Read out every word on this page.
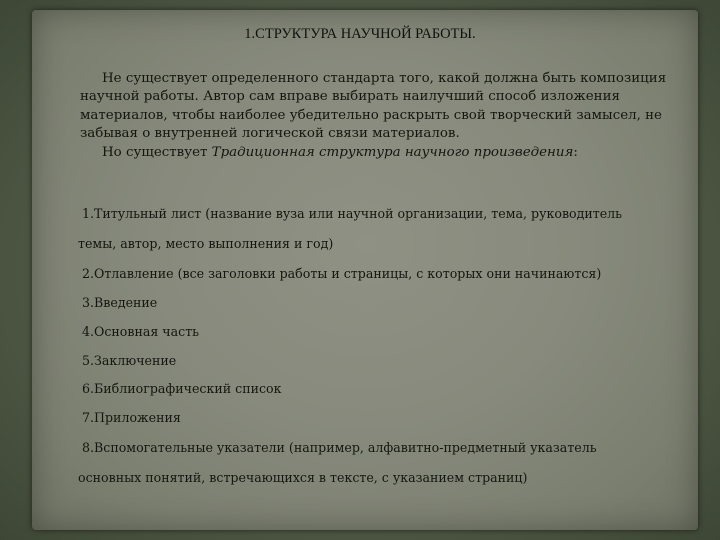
1.СТРУКТУРА НАУЧНОЙ РАБОТЫ.

Не существует определенного стандарта того, какой должна быть композиция научной работы. Автор сам вправе выбирать наилучший способ изложения материалов, чтобы наиболее убедительно раскрыть свой творческий замысел, не забывая о внутренней логической связи материалов.

Но существует Традиционная структура научного произведения:

1.Титульный лист (название вуза или научной организации, тема, руководитель
темы, автор, место выполнения и год)
2.Отлавление (все заголовки работы и страницы, с которых они начинаются)
3.Введение
4.Основная часть
5.Заключение
6.Библиографический список
7.Приложения
8.Вспомогательные указатели (например, алфавитно-предметный указатель
основных понятий, встречающихся в тексте, с указанием страниц)
